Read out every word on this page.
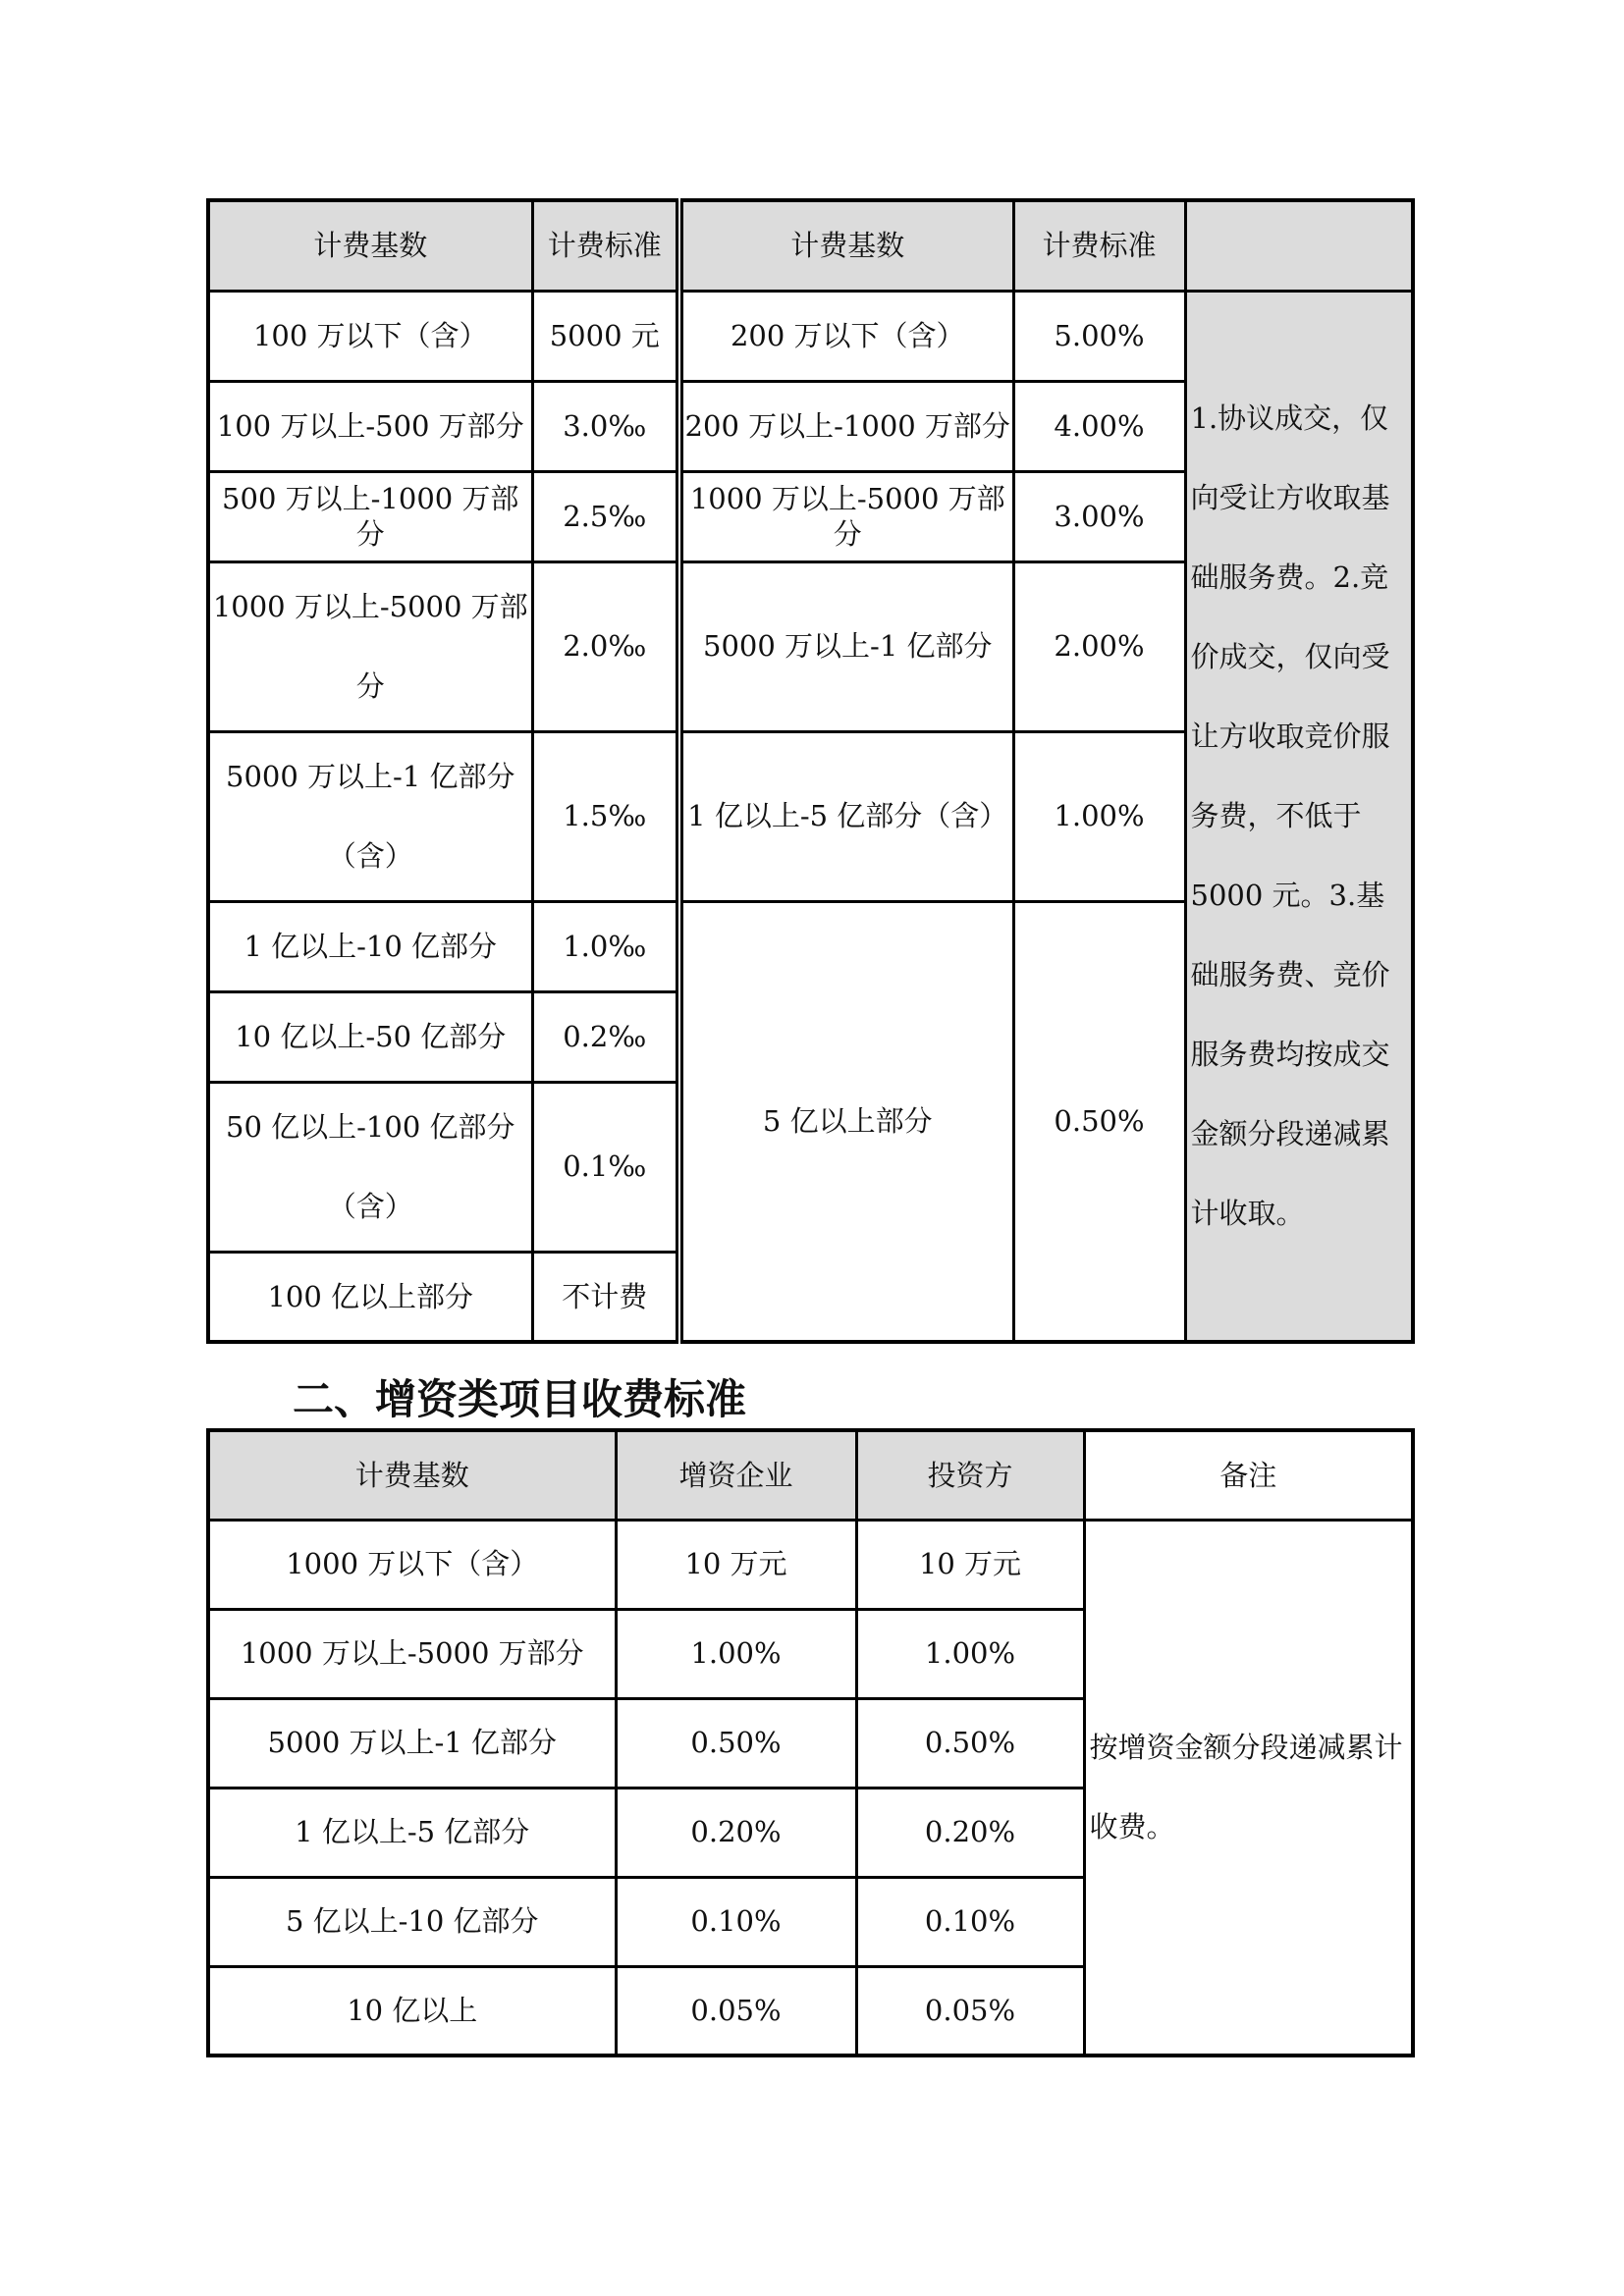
计费基数	计费标准	计费基数	计费标准	
100 万以下（含）	5000 元	200 万以下（含）	5.00%	1.协议成交，仅向受让方收取基础服务费。2.竞价成交，仅向受让方收取竞价服务费，不低于 5000 元。3.基础服务费、竞价服务费均按成交金额分段递减累计收取。
100 万以上-500 万部分	3.0‰	200 万以上-1000 万部分	4.00%	
500 万以上-1000 万部分	2.5‰	1000 万以上-5000 万部分	3.00%	
1000 万以上-5000 万部分	2.0‰	5000 万以上-1 亿部分	2.00%	
5000 万以上-1 亿部分（含）	1.5‰	1 亿以上-5 亿部分（含）	1.00%	
1 亿以上-10 亿部分	1.0‰	5 亿以上部分	0.50%	
10 亿以上-50 亿部分	0.2‰			
50 亿以上-100 亿部分（含）	0.1‰			
100 亿以上部分	不计费			
二、增资类项目收费标准
计费基数	增资企业	投资方	备注
1000 万以下（含）	10 万元	10 万元	按增资金额分段递减累计收费。
1000 万以上-5000 万部分	1.00%	1.00%	
5000 万以上-1 亿部分	0.50%	0.50%	
1 亿以上-5 亿部分	0.20%	0.20%	
5 亿以上-10 亿部分	0.10%	0.10%	
10 亿以上	0.05%	0.05%	
